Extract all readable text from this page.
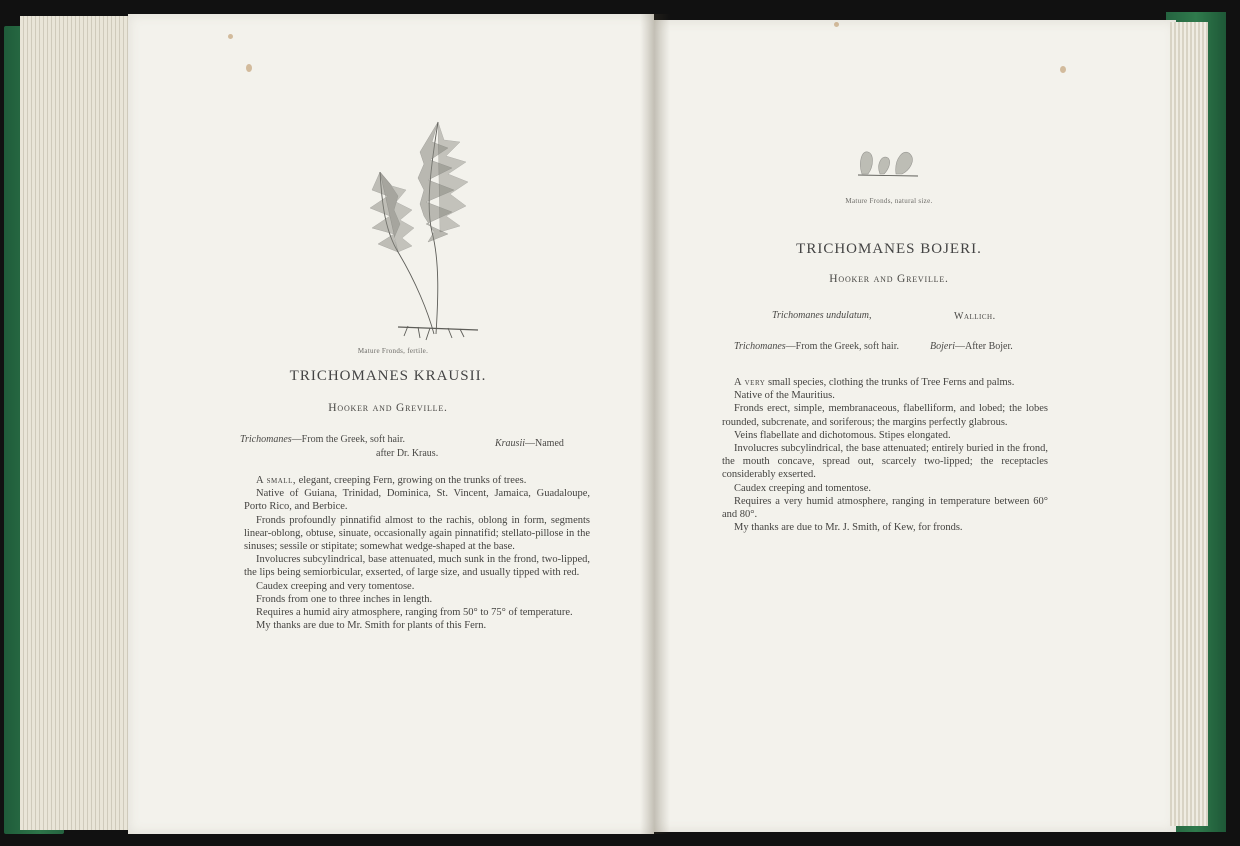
Mature Fronds, fertile.
TRICHOMANES KRAUSII.
Hooker and Greville.
Trichomanes—From the Greek, soft hair.	Krausii—Named
after Dr. Kraus.

A small, elegant, creeping Fern, growing on the trunks of trees.

Native of Guiana, Trinidad, Dominica, St. Vincent, Jamaica, Guadaloupe, Porto Rico, and Berbice.

Fronds profoundly pinnatifid almost to the rachis, oblong in form, segments linear-oblong, obtuse, sinuate, occasionally again pinnatifid; stellato-pillose in the sinuses; sessile or stipitate; somewhat wedge-shaped at the base.

Involucres subcylindrical, base attenuated, much sunk in the frond, two-lipped, the lips being semiorbicular, exserted, of large size, and usually tipped with red.

Caudex creeping and very tomentose.

Fronds from one to three inches in length.

Requires a humid airy atmosphere, ranging from 50° to 75° of temperature.

My thanks are due to Mr. Smith for plants of this Fern.

Mature Fronds, natural size.
TRICHOMANES BOJERI.
Hooker and Greville.
Trichomanes undulatum,	Wallich.
Trichomanes—From the Greek, soft hair.	Bojeri—After Bojer.

A very small species, clothing the trunks of Tree Ferns and palms.

Native of the Mauritius.

Fronds erect, simple, membranaceous, flabelliform, and lobed; the lobes rounded, subcrenate, and soriferous; the margins perfectly glabrous.

Veins flabellate and dichotomous. Stipes elongated.

Involucres subcylindrical, the base attenuated; entirely buried in the frond, the mouth concave, spread out, scarcely two-lipped; the receptacles considerably exserted.

Caudex creeping and tomentose.

Requires a very humid atmosphere, ranging in temperature between 60° and 80°.

My thanks are due to Mr. J. Smith, of Kew, for fronds.
